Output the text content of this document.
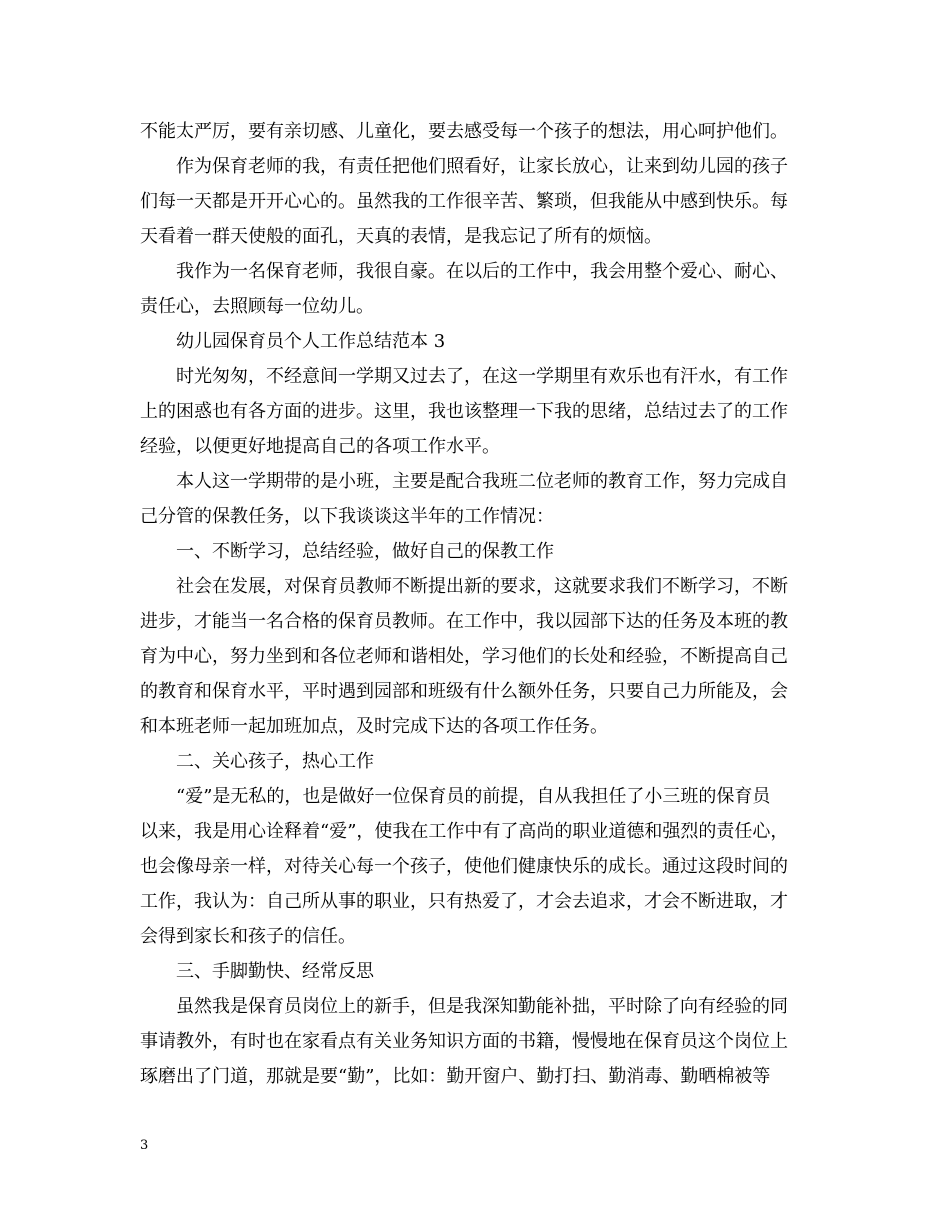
不能太严厉，要有亲切感、儿童化，要去感受每一个孩子的想法，用心呵护他们。
作为保育老师的我，有责任把他们照看好，让家长放心，让来到幼儿园的孩子
们每一天都是开开心心的。虽然我的工作很辛苦、繁琐，但我能从中感到快乐。每
天看着一群天使般的面孔，天真的表情，是我忘记了所有的烦恼。
我作为一名保育老师，我很自豪。在以后的工作中，我会用整个爱心、耐心、
责任心，去照顾每一位幼儿。
幼儿园保育员个人工作总结范本 3
时光匆匆，不经意间一学期又过去了，在这一学期里有欢乐也有汗水，有工作
上的困惑也有各方面的进步。这里，我也该整理一下我的思绪，总结过去了的工作
经验，以便更好地提高自己的各项工作水平。
本人这一学期带的是小班，主要是配合我班二位老师的教育工作，努力完成自
己分管的保教任务，以下我谈谈这半年的工作情况：
一、不断学习，总结经验，做好自己的保教工作
社会在发展，对保育员教师不断提出新的要求，这就要求我们不断学习，不断
进步，才能当一名合格的保育员教师。在工作中，我以园部下达的任务及本班的教
育为中心，努力坐到和各位老师和谐相处，学习他们的长处和经验，不断提高自己
的教育和保育水平，平时遇到园部和班级有什么额外任务，只要自己力所能及，会
和本班老师一起加班加点，及时完成下达的各项工作任务。
二、关心孩子，热心工作
“爱”是无私的，也是做好一位保育员的前提，自从我担任了小三班的保育员
以来，我是用心诠释着“爱”，使我在工作中有了高尚的职业道德和强烈的责任心，
也会像母亲一样，对待关心每一个孩子，使他们健康快乐的成长。通过这段时间的
工作，我认为：自己所从事的职业，只有热爱了，才会去追求，才会不断进取，才
会得到家长和孩子的信任。
三、手脚勤快、经常反思
虽然我是保育员岗位上的新手，但是我深知勤能补拙，平时除了向有经验的同
事请教外，有时也在家看点有关业务知识方面的书籍，慢慢地在保育员这个岗位上
琢磨出了门道，那就是要“勤”，比如：勤开窗户、勤打扫、勤消毒、勤晒棉被等
3
